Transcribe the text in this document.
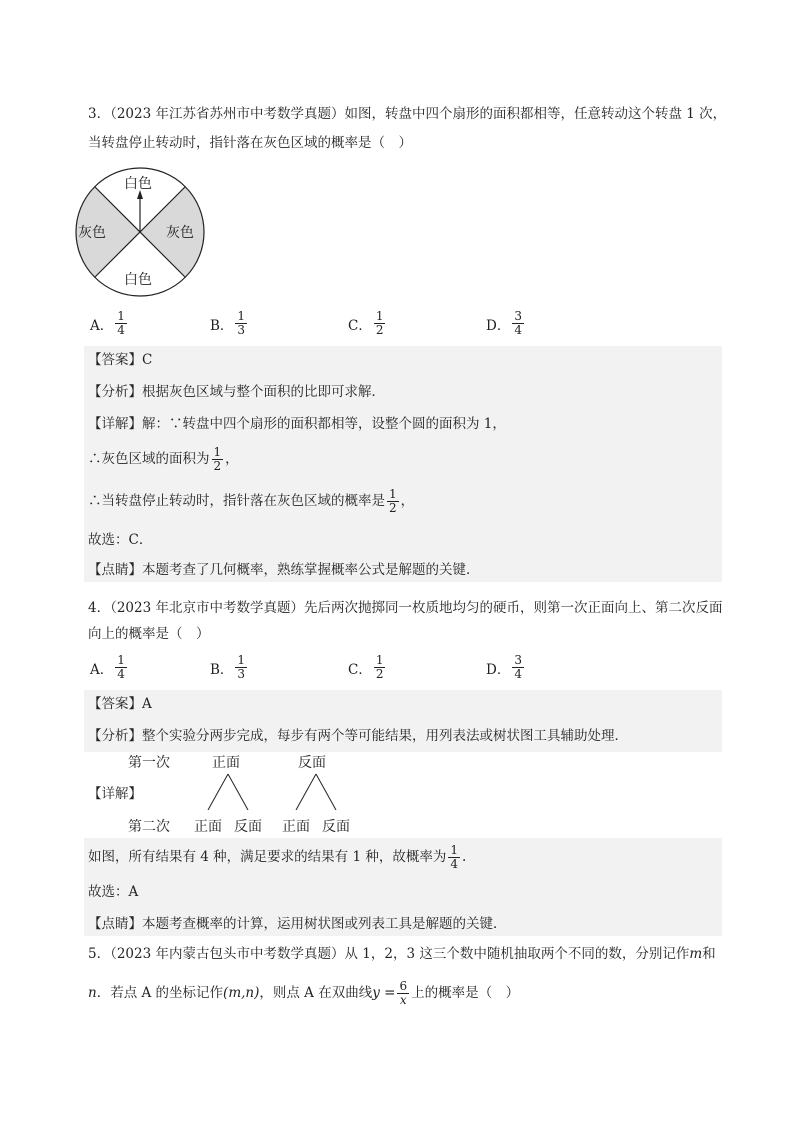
3．（2023 年江苏省苏州市中考数学真题）如图，转盘中四个扇形的面积都相等，任意转动这个转盘 1 次，
当转盘停止转动时，指针落在灰色区域的概率是（　）
白色
白色
灰色	灰色
A． $\frac{1}{4}$	B． $\frac{1}{3}$	C． $\frac{1}{2}$	D． $\frac{3}{4}$
【答案】C
【分析】根据灰色区域与整个面积的比即可求解．
【详解】解：∵转盘中四个扇形的面积都相等，设整个圆的面积为 1，
∴灰色区域的面积为 $\frac{1}{2}$ ，
∴当转盘停止转动时，指针落在灰色区域的概率是 $\frac{1}{2}$ ，
故选：C．
【点睛】本题考查了几何概率，熟练掌握概率公式是解题的关键．
4．（2023 年北京市中考数学真题）先后两次抛掷同一枚质地均匀的硬币，则第一次正面向上、第二次反面
向上的概率是（　）
A． $\frac{1}{4}$	B． $\frac{1}{3}$	C． $\frac{1}{2}$	D． $\frac{3}{4}$
【答案】A
【分析】整个实验分两步完成，每步有两个等可能结果，用列表法或树状图工具辅助处理．
【详解】
第一次	正面	反面
第二次 正面 反面 正面 反面
如图，所有结果有 4 种，满足要求的结果有 1 种，故概率为 $\frac{1}{4}$ .
故选：A
【点睛】本题考查概率的计算，运用树状图或列表工具是解题的关键．
5．（2023 年内蒙古包头市中考数学真题）从 1，2，3 这三个数中随机抽取两个不同的数，分别记作m和
n．若点 A 的坐标记作(m,n)，则点 A 在双曲线$y = \frac{6}{x}$ 上的概率是（　）
